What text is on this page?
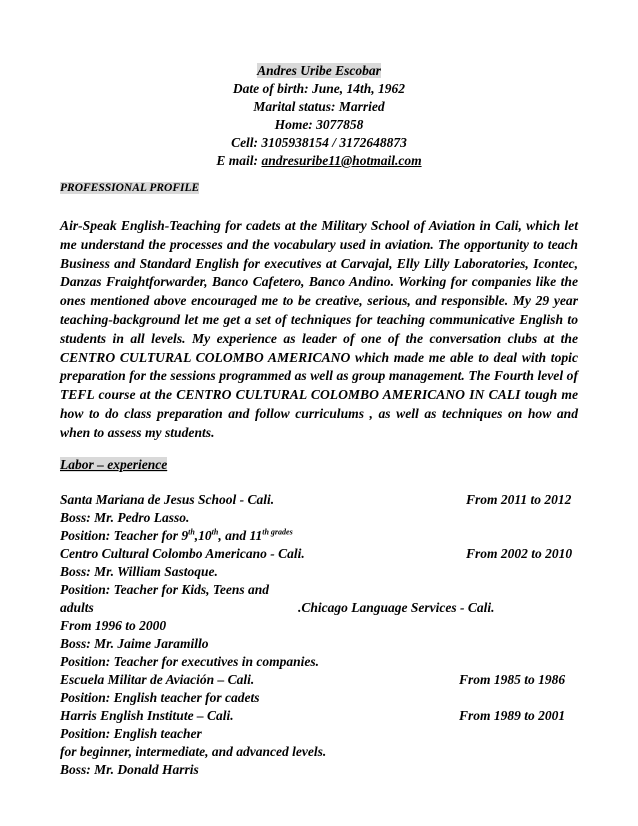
Andres Uribe Escobar
Date of birth: June, 14th, 1962
Marital status: Married
Home: 3077858
Cell: 3105938154 / 3172648873
E mail: andresuribe11@hotmail.com
PROFESSIONAL PROFILE

Air-Speak English-Teaching for cadets at the Military School of Aviation in Cali, which let me understand the processes and the vocabulary used in aviation. The opportunity to teach Business and Standard English for executives at Carvajal, Elly Lilly Laboratories, Icontec, Danzas Fraightforwarder, Banco Cafetero, Banco Andino. Working for companies like the ones mentioned above encouraged me to be creative, serious, and responsible. My 29 year teaching-background let me get a set of techniques for teaching communicative English to students in all levels. My experience as leader of one of the conversation clubs at the CENTRO CULTURAL COLOMBO AMERICANO which made me able to deal with topic preparation for the sessions programmed as well as group management. The Fourth level of TEFL course at the CENTRO CULTURAL COLOMBO AMERICANO IN CALI tough me how to do class preparation and follow curriculums , as well as techniques on how and when to assess my students.

Labor – experience
Santa Mariana de Jesus School - Cali.	From 2011 to 2012
Boss: Mr. Pedro Lasso.
Position: Teacher for 9th,10th, and $11^{th grades}$
Centro Cultural Colombo Americano - Cali.	From 2002 to 2010
Boss: Mr. William Sastoque.
Position: Teacher for Kids, Teens and
adults	.Chicago Language Services - Cali.
From 1996 to 2000
Boss: Mr. Jaime Jaramillo
Position: Teacher for executives in companies.
Escuela Militar de Aviación – Cali.	From 1985 to 1986
Position: English teacher for cadets
Harris English Institute – Cali.	From 1989 to 2001
Position: English teacher
for beginner, intermediate, and advanced levels.
Boss: Mr. Donald Harris
